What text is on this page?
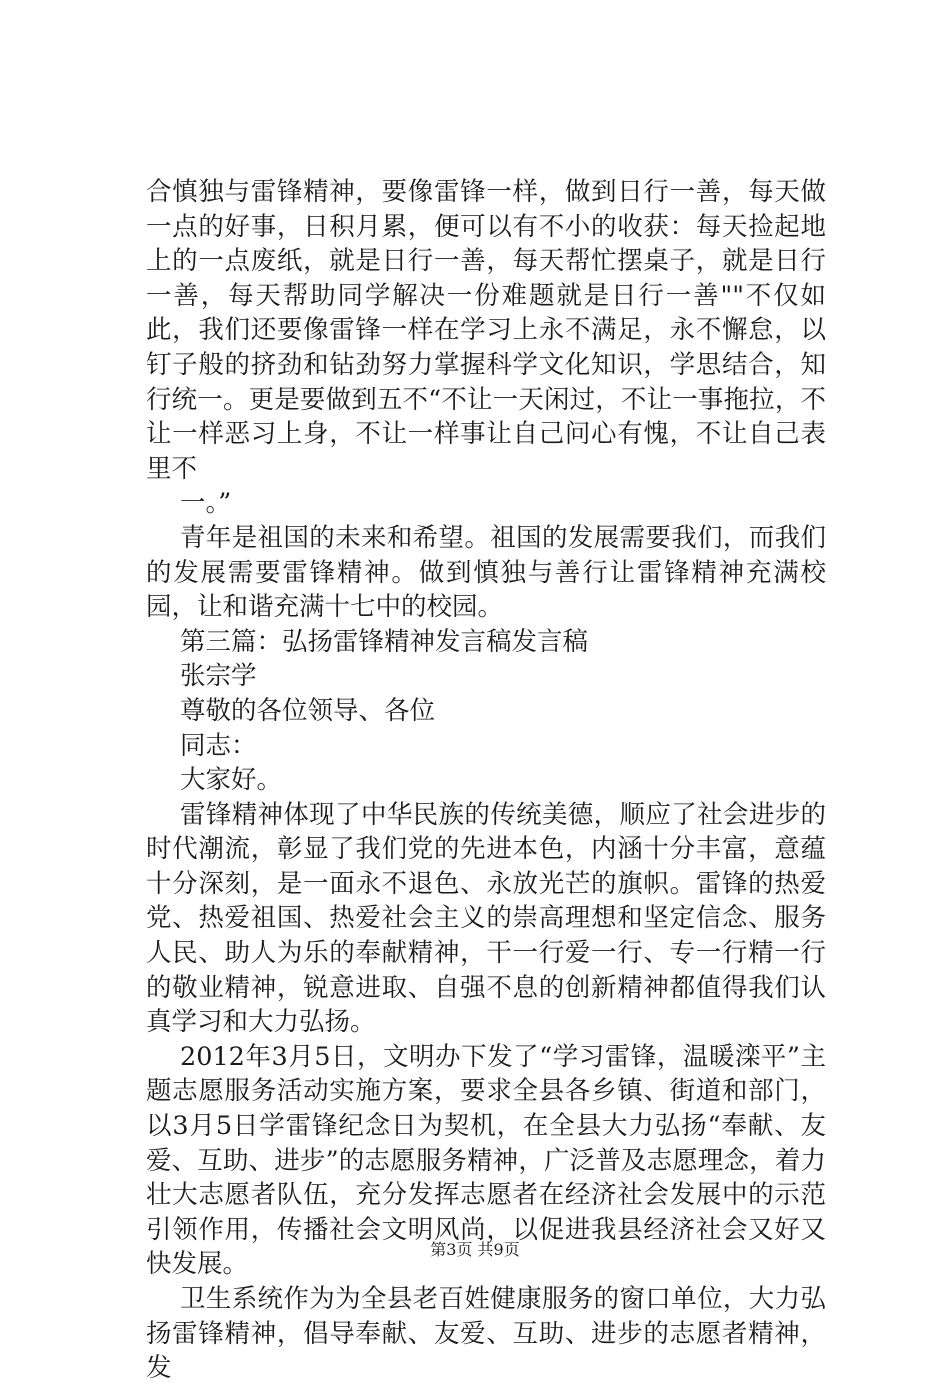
合慎独与雷锋精神，要像雷锋一样，做到日行一善，每天做一点的好事，日积月累，便可以有不小的收获：每天捡起地上的一点废纸，就是日行一善，每天帮忙摆桌子，就是日行一善，每天帮助同学解决一份难题就是日行一善""不仅如此，我们还要像雷锋一样在学习上永不满足，永不懈怠，以钉子般的挤劲和钻劲努力掌握科学文化知识，学思结合，知行统一。更是要做到五不“不让一天闲过，不让一事拖拉，不让一样恶习上身，不让一样事让自己问心有愧，不让自己表里不

一。”

青年是祖国的未来和希望。祖国的发展需要我们，而我们的发展需要雷锋精神。做到慎独与善行让雷锋精神充满校园，让和谐充满十七中的校园。

第三篇：弘扬雷锋精神发言稿发言稿

张宗学

尊敬的各位领导、各位

同志：

大家好。

雷锋精神体现了中华民族的传统美德，顺应了社会进步的时代潮流，彰显了我们党的先进本色，内涵十分丰富，意蕴十分深刻，是一面永不退色、永放光芒的旗帜。雷锋的热爱党、热爱祖国、热爱社会主义的崇高理想和坚定信念、服务人民、助人为乐的奉献精神，干一行爱一行、专一行精一行的敬业精神，锐意进取、自强不息的创新精神都值得我们认真学习和大力弘扬。

2012年3月5日，文明办下发了“学习雷锋，温暖滦平”主题志愿服务活动实施方案，要求全县各乡镇、街道和部门，以3月5日学雷锋纪念日为契机，在全县大力弘扬“奉献、友爱、互助、进步”的志愿服务精神，广泛普及志愿理念，着力壮大志愿者队伍，充分发挥志愿者在经济社会发展中的示范引领作用，传播社会文明风尚，以促进我县经济社会又好又快发展。

卫生系统作为为全县老百姓健康服务的窗口单位，大力弘扬雷锋精神，倡导奉献、友爱、互助、进步的志愿者精神，发

第3页 共9页
